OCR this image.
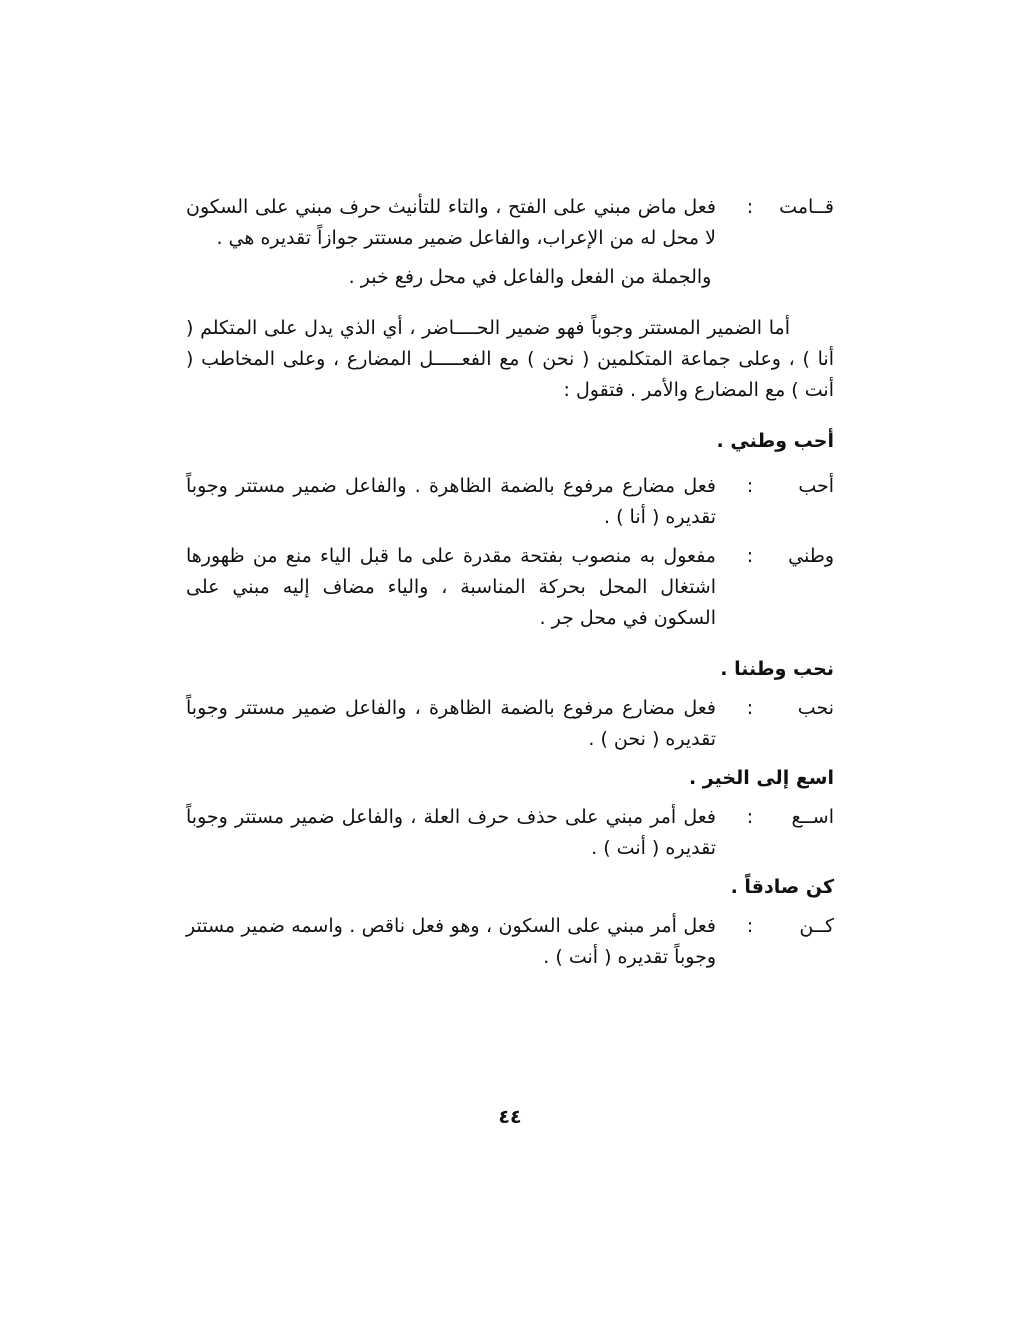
قــامت:

فعل ماض مبني على الفتح ، والتاء للتأنيث حرف مبني على السكون لا محل له من الإعراب، والفاعل ضمير مستتر جوازاً تقديره هي .

والجملة من الفعل والفاعل في محل رفع خبر .

أما الضمير المستتر وجوباً فهو ضمير الحــــاضر ، أي الذي يدل على المتكلم ( أنا ) ، وعلى جماعة المتكلمين ( نحن ) مع الفعـــــل المضارع ، وعلى المخاطب ( أنت ) مع المضارع والأمر . فتقول :

أحب وطني .

أحب:

فعل مضارع مرفوع بالضمة الظاهرة . والفاعل ضمير مستتر وجوباً تقديره ( أنا ) .

وطني:

مفعول به منصوب بفتحة مقدرة على ما قبل الياء منع من ظهورها اشتغال المحل بحركة المناسبة ، والياء مضاف إليه مبني على السكون في محل جر .

نحب وطننا .

نحب:

فعل مضارع مرفوع بالضمة الظاهرة ، والفاعل ضمير مستتر وجوباً تقديره ( نحن ) .

اسع إلى الخير .

اســع:

فعل أمر مبني على حذف حرف العلة ، والفاعل ضمير مستتر وجوباً تقديره ( أنت ) .

كن صادقاً .

كــن:

فعل أمر مبني على السكون ، وهو فعل ناقص . واسمه ضمير مستتر وجوباً تقديره ( أنت ) .

٤٤
